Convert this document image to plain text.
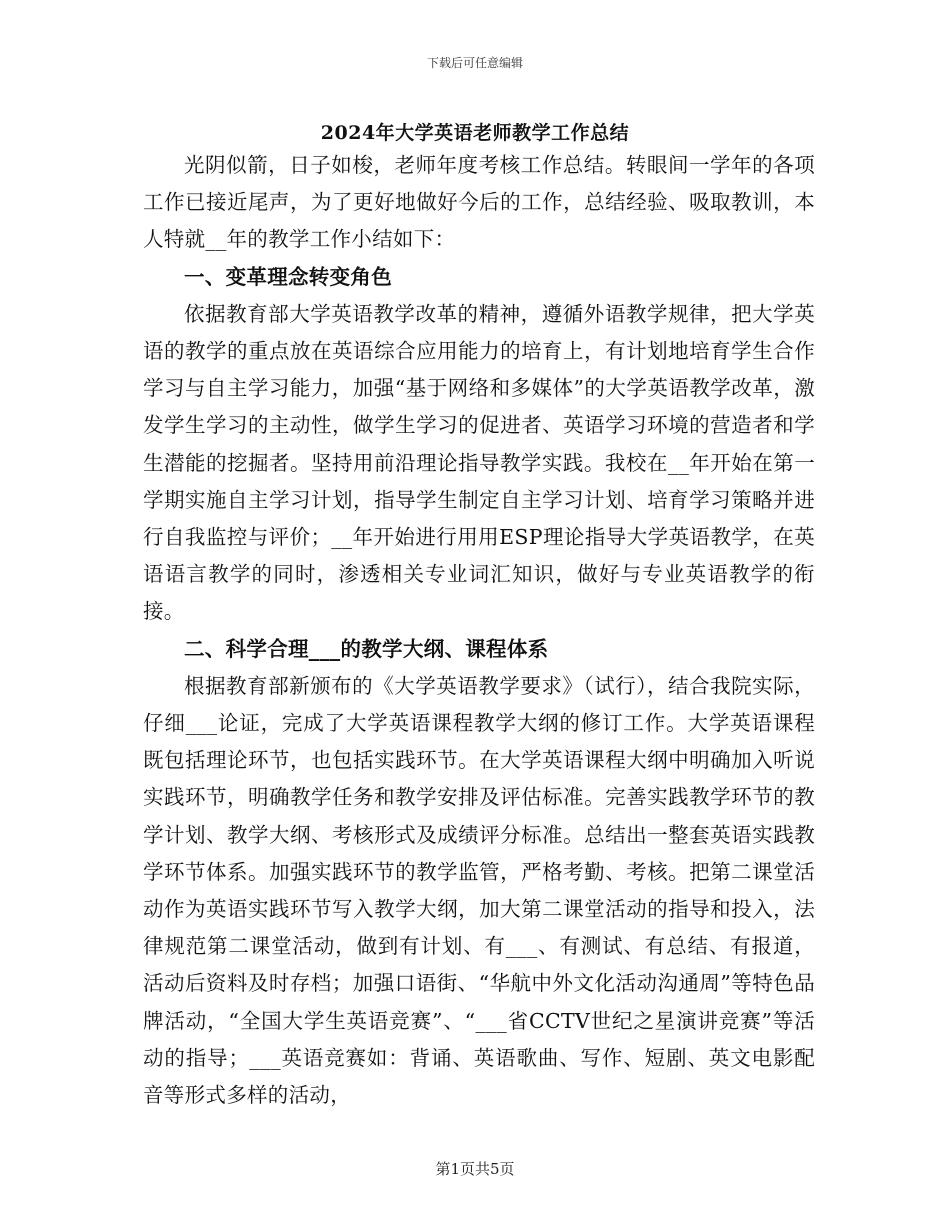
下载后可任意编辑
2024年大学英语老师教学工作总结

光阴似箭，日子如梭，老师年度考核工作总结。转眼间一学年的各项工作已接近尾声，为了更好地做好今后的工作，总结经验、吸取教训，本人特就__年的教学工作小结如下：

一、变革理念转变角色

依据教育部大学英语教学改革的精神，遵循外语教学规律，把大学英语的教学的重点放在英语综合应用能力的培育上，有计划地培育学生合作学习与自主学习能力，加强“基于网络和多媒体”的大学英语教学改革，激发学生学习的主动性，做学生学习的促进者、英语学习环境的营造者和学生潜能的挖掘者。坚持用前沿理论指导教学实践。我校在__年开始在第一学期实施自主学习计划，指导学生制定自主学习计划、培育学习策略并进行自我监控与评价；__年开始进行用用ESP理论指导大学英语教学，在英语语言教学的同时，渗透相关专业词汇知识，做好与专业英语教学的衔接。

二、科学合理___的教学大纲、课程体系

根据教育部新颁布的《大学英语教学要求》（试行），结合我院实际，仔细___论证，完成了大学英语课程教学大纲的修订工作。大学英语课程既包括理论环节，也包括实践环节。在大学英语课程大纲中明确加入听说实践环节，明确教学任务和教学安排及评估标准。完善实践教学环节的教学计划、教学大纲、考核形式及成绩评分标准。总结出一整套英语实践教学环节体系。加强实践环节的教学监管，严格考勤、考核。把第二课堂活动作为英语实践环节写入教学大纲，加大第二课堂活动的指导和投入，法律规范第二课堂活动，做到有计划、有___、有测试、有总结、有报道，活动后资料及时存档；加强口语街、“华航中外文化活动沟通周”等特色品牌活动，“全国大学生英语竞赛”、“___省CCTV世纪之星演讲竞赛”等活动的指导；___英语竞赛如：背诵、英语歌曲、写作、短剧、英文电影配音等形式多样的活动，

第1页共5页
